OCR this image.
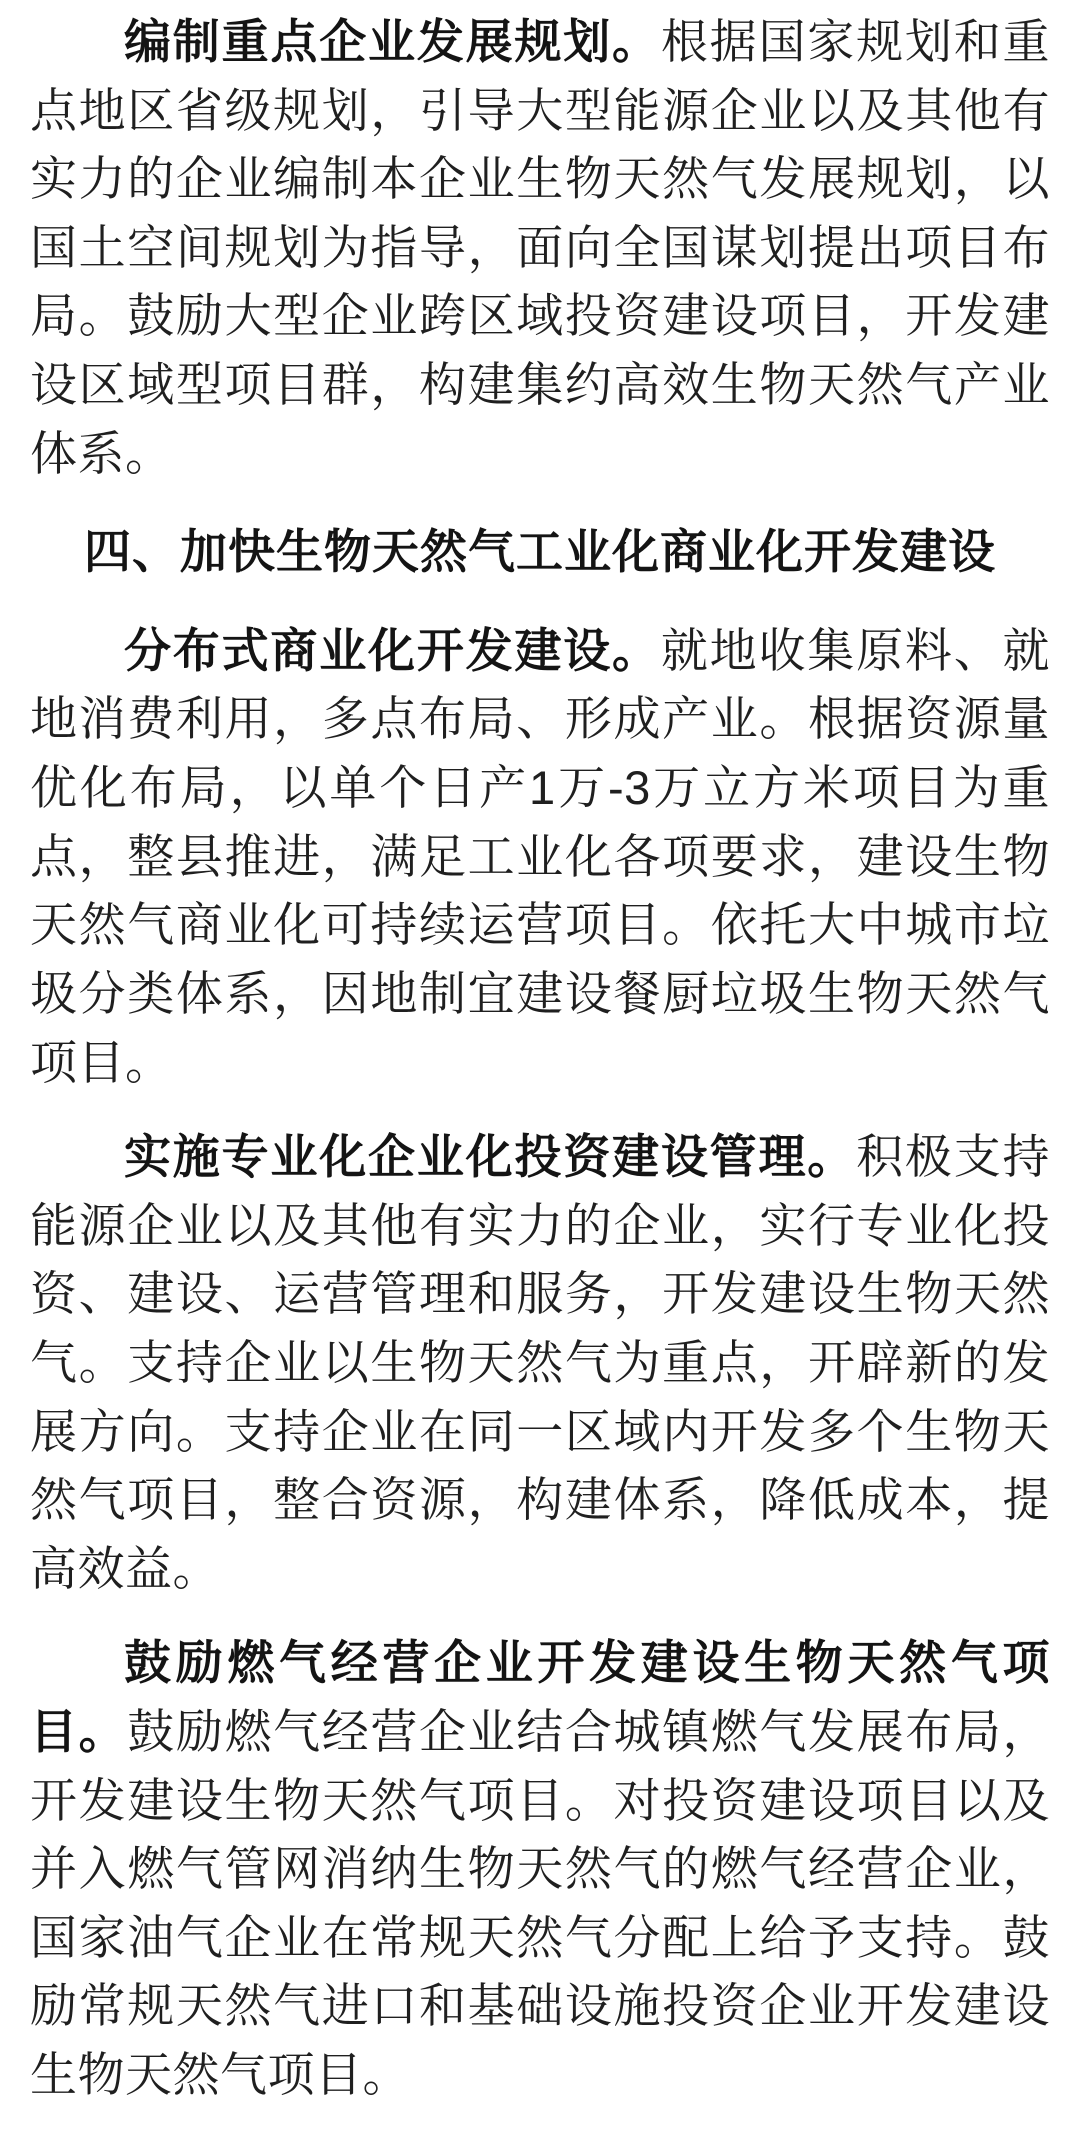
编制重点企业发展规划。根据国家规划和重点地区省级规划，引导大型能源企业以及其他有实力的企业编制本企业生物天然气发展规划，以国土空间规划为指导，面向全国谋划提出项目布局。鼓励大型企业跨区域投资建设项目，开发建设区域型项目群，构建集约高效生物天然气产业体系。

四、加快生物天然气工业化商业化开发建设

分布式商业化开发建设。就地收集原料、就地消费利用，多点布局、形成产业。根据资源量优化布局，以单个日产1万-3万立方米项目为重点，整县推进，满足工业化各项要求，建设生物天然气商业化可持续运营项目。依托大中城市垃圾分类体系，因地制宜建设餐厨垃圾生物天然气项目。

实施专业化企业化投资建设管理。积极支持能源企业以及其他有实力的企业，实行专业化投资、建设、运营管理和服务，开发建设生物天然气。支持企业以生物天然气为重点，开辟新的发展方向。支持企业在同一区域内开发多个生物天然气项目，整合资源，构建体系，降低成本，提高效益。

鼓励燃气经营企业开发建设生物天然气项目。鼓励燃气经营企业结合城镇燃气发展布局，开发建设生物天然气项目。对投资建设项目以及并入燃气管网消纳生物天然气的燃气经营企业，国家油气企业在常规天然气分配上给予支持。鼓励常规天然气进口和基础设施投资企业开发建设生物天然气项目。
